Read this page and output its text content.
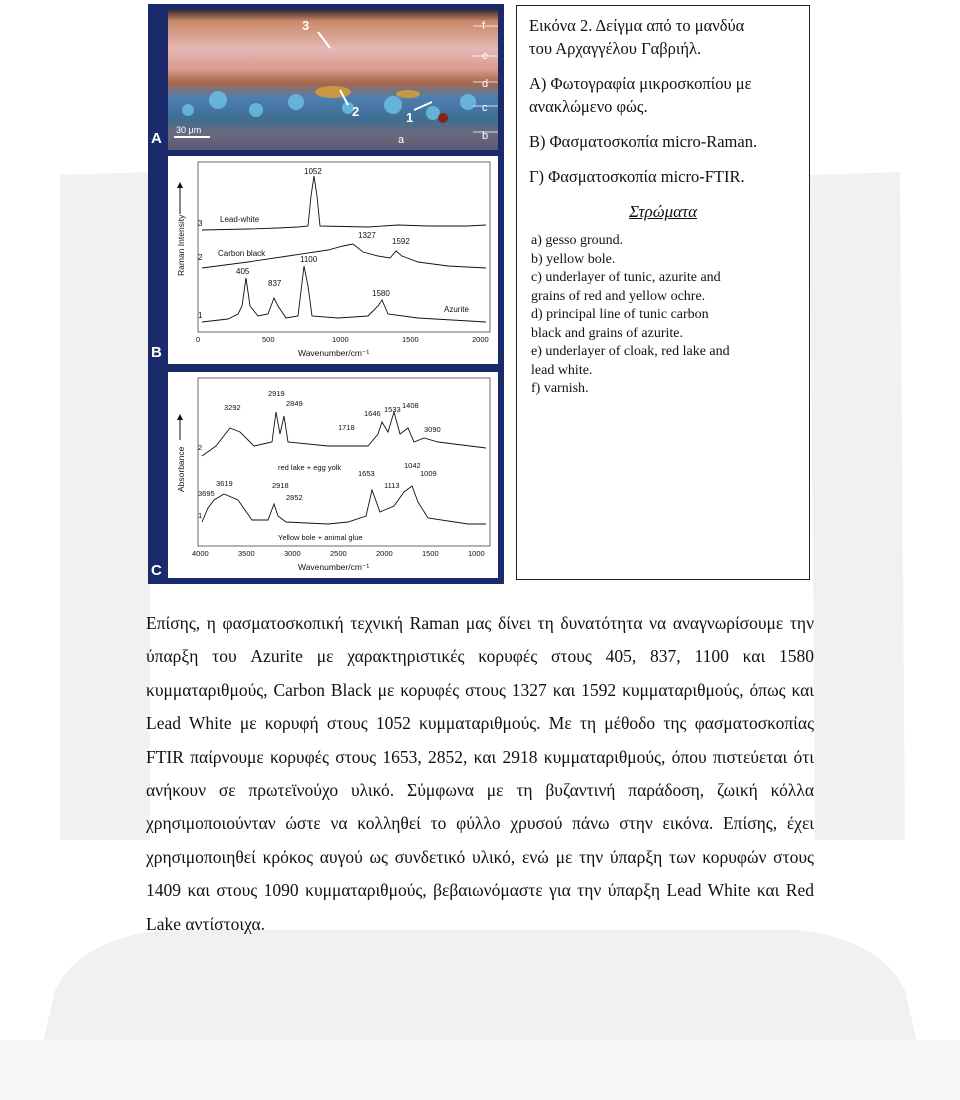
3
2	1
30 μm
f
e
d
c
b
a
A
B
C
Raman Intensity 3
2
1
Lead-white
Carbon black
Azurite
1052
1327
1592
405
837
1100
1580
0	500	1000	1500	2000
Wavenumber/cm⁻¹
Absorbance 2
1
red lake + egg yolk
Yellow bole + animal glue
3292
2919
2849
1646 1533 1408
1718	3090
3695
3619	2918
2852
1653
1042
1009
1113
4000	3500	3000	2500	2000	1500	1000
Wavenumber/cm⁻¹

Εικόνα 2. Δείγμα από το μανδύα

του Αρχαγγέλου Γαβριήλ.

Α) Φωτογραφία μικροσκοπίου με

ανακλώμενο φώς.

Β) Φασματοσκοπία micro-Raman.

Γ) Φασματοσκοπία micro-FTIR.

Στρώματα

a) gesso ground.

b) yellow bole.

c) underlayer of tunic, azurite and

grains of red and yellow ochre.

d) principal line of tunic carbon

black and grains of azurite.

e) underlayer of cloak, red lake and

lead white.

f) varnish.

Επίσης, η φασματοσκοπική τεχνική Raman μας δίνει τη δυνατότητα να αναγνωρίσουμε την ύπαρξη του Azurite με χαρακτηριστικές κορυφές στους 405, 837, 1100 και 1580 κυμματαριθμούς, Carbon Black με κορυφές στους 1327 και 1592 κυμματαριθμούς, όπως και Lead White με κορυφή στους 1052 κυμματαριθμούς. Με τη μέθοδο της φασματοσκοπίας FTIR παίρνουμε κορυφές στους 1653, 2852, και 2918 κυμματαριθμούς, όπου πιστεύεται ότι ανήκουν σε πρωτεϊνούχο υλικό. Σύμφωνα με τη βυζαντινή παράδοση, ζωική κόλλα χρησιμοποιούνταν ώστε να κολληθεί το φύλλο χρυσού πάνω στην εικόνα. Επίσης, έχει χρησιμοποιηθεί κρόκος αυγού ως συνδετικό υλικό, ενώ με την ύπαρξη των κορυφών στους 1409 και στους 1090 κυμματαριθμούς, βεβαιωνόμαστε για την ύπαρξη Lead White και Red Lake αντίστοιχα.
